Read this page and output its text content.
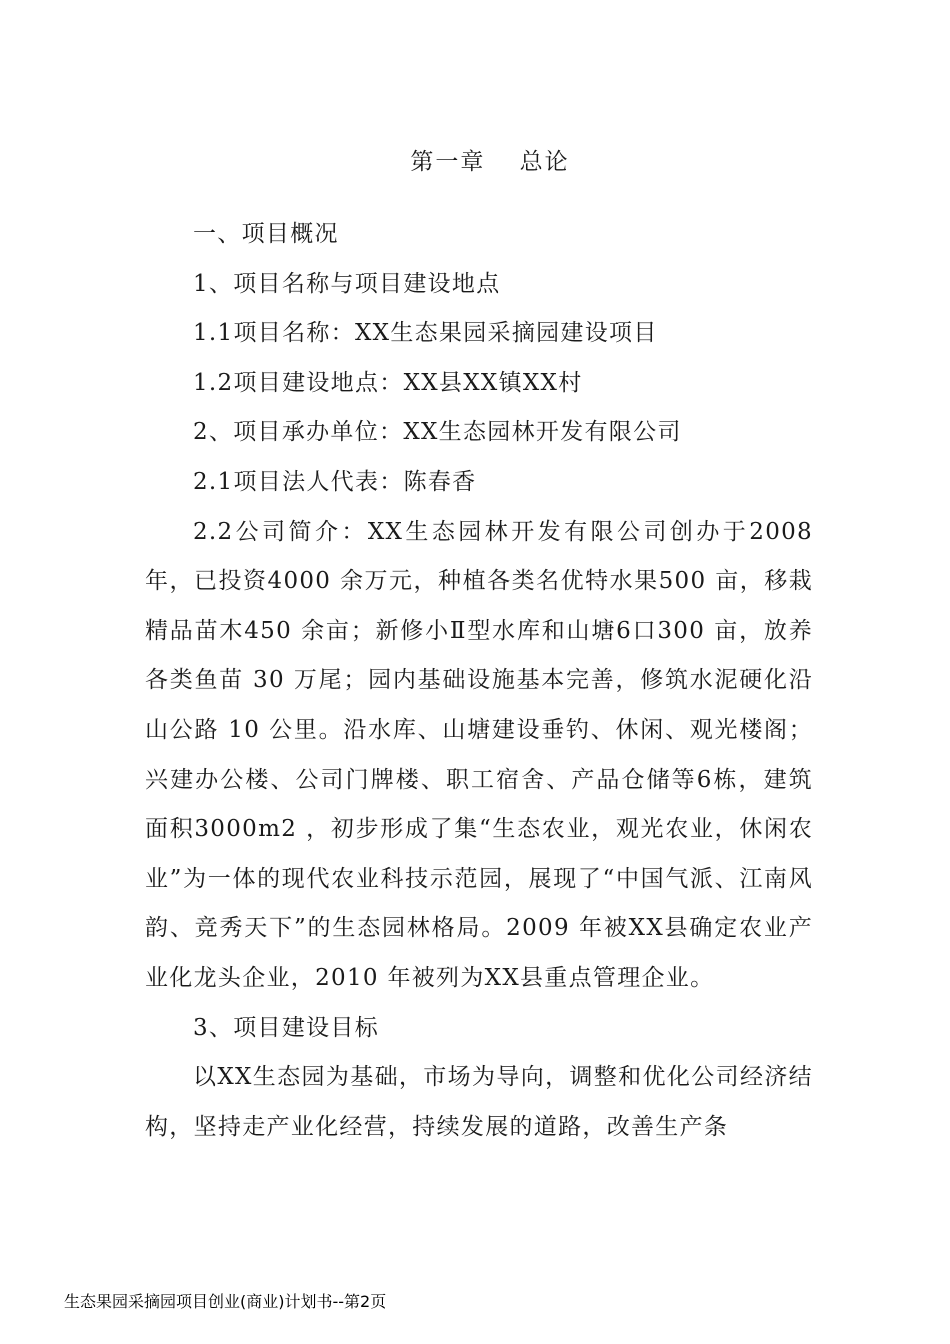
第一章　 总论

一、项目概况

1、项目名称与项目建设地点

1.1项目名称：XX生态果园采摘园建设项目

1.2项目建设地点：XX县XX镇XX村

2、项目承办单位：XX生态园林开发有限公司

2.1项目法人代表：陈春香

2.2公司简介：XX生态园林开发有限公司创办于2008年，已投资4000 余万元，种植各类名优特水果500 亩，移栽精品苗木450 余亩；新修小Ⅱ型水库和山塘6口300 亩，放养各类鱼苗 30 万尾；园内基础设施基本完善，修筑水泥硬化沿山公路 10 公里。沿水库、山塘建设垂钓、休闲、观光楼阁；兴建办公楼、公司门牌楼、职工宿舍、产品仓储等6栋，建筑面积3000m2 ，初步形成了集“生态农业，观光农业，休闲农业”为一体的现代农业科技示范园，展现了“中国气派、江南风韵、竞秀天下”的生态园林格局。2009 年被XX县确定农业产业化龙头企业，2010 年被列为XX县重点管理企业。

3、项目建设目标

以XX生态园为基础，市场为导向，调整和优化公司经济结构，坚持走产业化经营，持续发展的道路，改善生产条

生态果园采摘园项目创业(商业)计划书--第2页
